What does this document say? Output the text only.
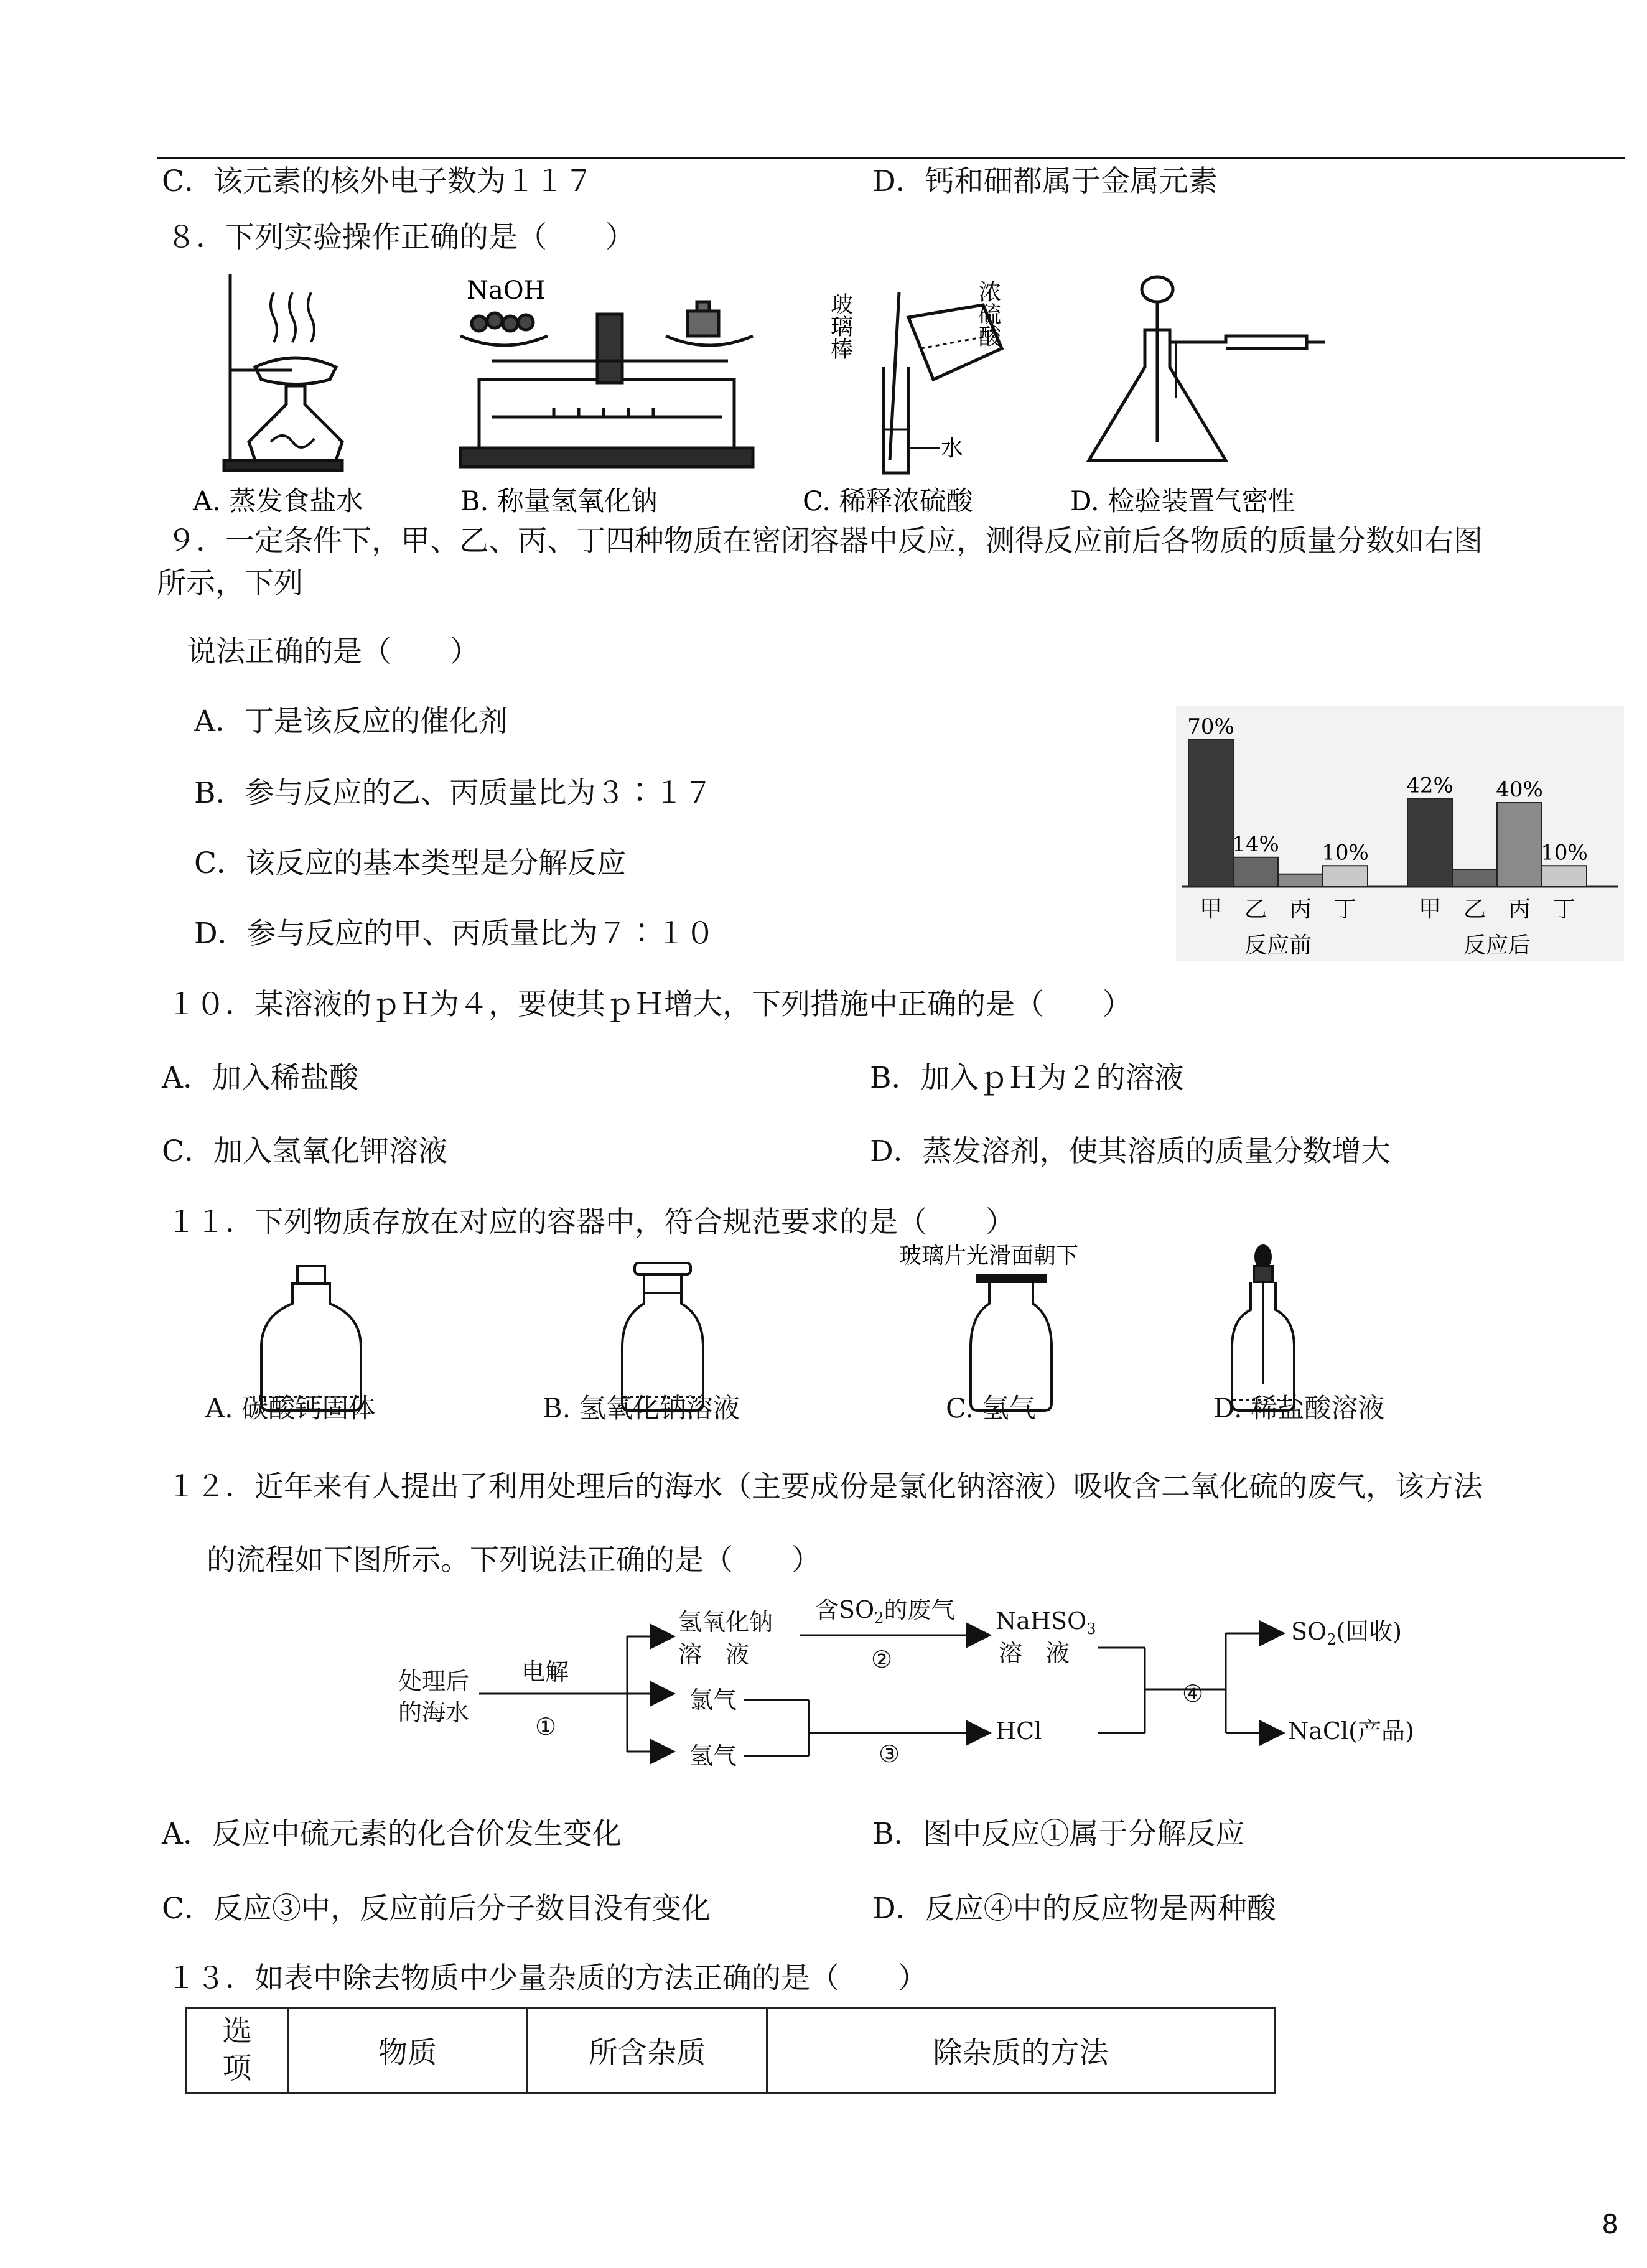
C．该元素的核外电子数为１１７	D．钙和鿬都属于金属元素
８．下列实验操作正确的是（　　）
A. 蒸发食盐水
NaOH
B. 称量氢氧化钠
玻璃棒	浓硫酸
水
C. 稀释浓硫酸	D. 检验装置气密性
９．一定条件下，甲、乙、丙、丁四种物质在密闭容器中反应，测得反应前后各物质的质量分数如右图
所示，下列
说法正确的是（　　）
A．丁是该反应的催化剂
B．参与反应的乙、丙质量比为３∶１７
C．该反应的基本类型是分解反应
D．参与反应的甲、丙质量比为７∶１０
70%
甲
14%
乙 丙
10%
丁
反应前
42%
甲 乙
40%
丙
10%
丁
反应后
１０．某溶液的ｐＨ为４，要使其ｐＨ增大，下列措施中正确的是（　　）
A．加入稀盐酸	B．加入ｐＨ为２的溶液
C．加入氢氧化钾溶液	D．蒸发溶剂，使其溶质的质量分数增大
１１．下列物质存放在对应的容器中，符合规范要求的是（　　）
玻璃片光滑面朝下
A. 碳酸钙固体	B. 氢氧化钠溶液	C. 氢气	D. 稀盐酸溶液
１２．近年来有人提出了利用处理后的海水（主要成份是氯化钠溶液）吸收含二氧化硫的废气，该方法
的流程如下图所示。下列说法正确的是（　　）
处理后
的海水
电解
①
氢氧化钠
溶　液
含$SO_2$的废气
②
NaHSO$_3$
溶　液
氯气
氢气	③
HCl
④
$SO_2$(回收)
NaCl(产品)
A．反应中硫元素的化合价发生变化	B．图中反应①属于分解反应
C．反应③中，反应前后分子数目没有变化	D．反应④中的反应物是两种酸
１３．如表中除去物质中少量杂质的方法正确的是（　　）
选
项	物质	所含杂质	除杂质的方法
8
